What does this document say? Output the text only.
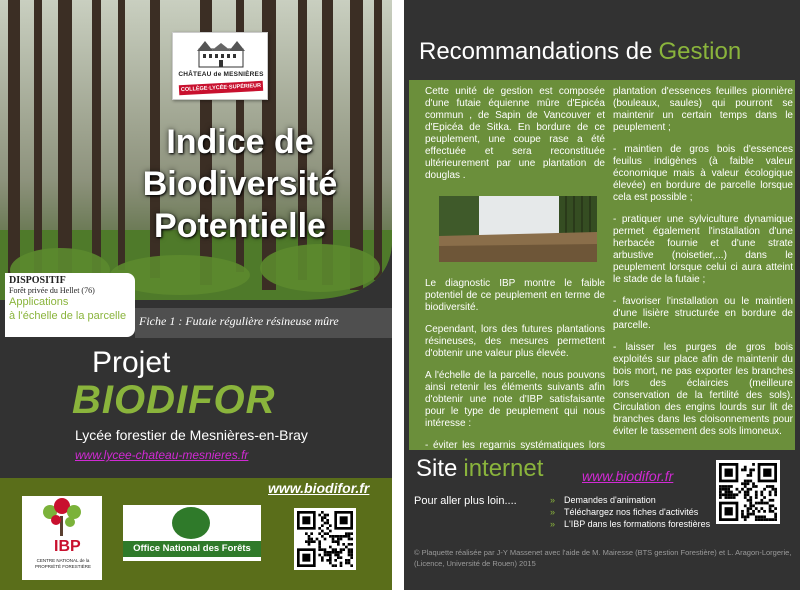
CHÂTEAU de MESNIÈRES
COLLÈGE·LYCÉE·SUPÉRIEUR
Indice de
Biodiversité
Potentielle
DISPOSITIF
Forêt privée du Hellet (76)
Applications
à l'échelle de la parcelle	Fiche 1 : Futaie régulière résineuse mûre
Projet
BIODIFOR
Lycée forestier de Mesnières-en-Bray
www.lycee-chateau-mesnieres.fr
www.biodifor.fr
IBP
CENTRE NATIONAL de la PROPRIÉTÉ FORESTIÈRE
Office National des Forêts
Recommandations de Gestion

Cette unité de gestion est composée d'une futaie équienne mûre d'Epicéa commun , de Sapin de Vancouver et d'Epicéa de Sitka. En bordure de ce peuplement, une coupe rase a été effectuée et sera reconstituée ultérieurement par une plantation de douglas .

Le diagnostic IBP montre le faible potentiel de ce peuplement en terme de biodiversité.

Cependant, lors des futures plantations résineuses, des mesures permettent d'obtenir une valeur plus élevée.

A l'échelle de la parcelle, nous pouvons ainsi retenir les éléments suivants afin d'obtenir une note d'IBP satisfaisante pour le type de peuplement qui nous intéresse :

- éviter les regarnis systématiques lors

plantation d'essences feuilles pionnière (bouleaux, saules) qui pourront se maintenir un certain temps dans le peuplement ;

- maintien de gros bois d'essences feuilus indigènes (à faible valeur économique mais à valeur écologique élevée) en bordure de parcelle lorsque cela est possible ;

- pratiquer une sylviculture dynamique permet également l'installation d'une herbacée fournie et d'une strate arbustive (noisetier,...) dans le peuplement lorsque celui ci aura atteint le stade de la futaie ;

- favoriser l'installation ou le maintien d'une lisière structurée en bordure de parcelle.

- laisser les purges de gros bois exploités sur place afin de maintenir du bois mort, ne pas exporter les branches lors des éclaircies (meilleure conservation de la fertilité des sols). Circulation des engins lourds sur lit de branches dans les cloisonnements pour éviter le tassement des sols limoneux.

Site internet	www.biodifor.fr
Pour aller plus loin....
»	Demandes d'animation
» Téléchargez nos fiches d'activités
» L'IBP dans les formations forestières
© Plaquette réalisée par J-Y Massenet avec l'aide de M. Mairesse (BTS gestion Forestière) et L. Aragon-Lorgerie, (Licence, Université de Rouen) 2015
